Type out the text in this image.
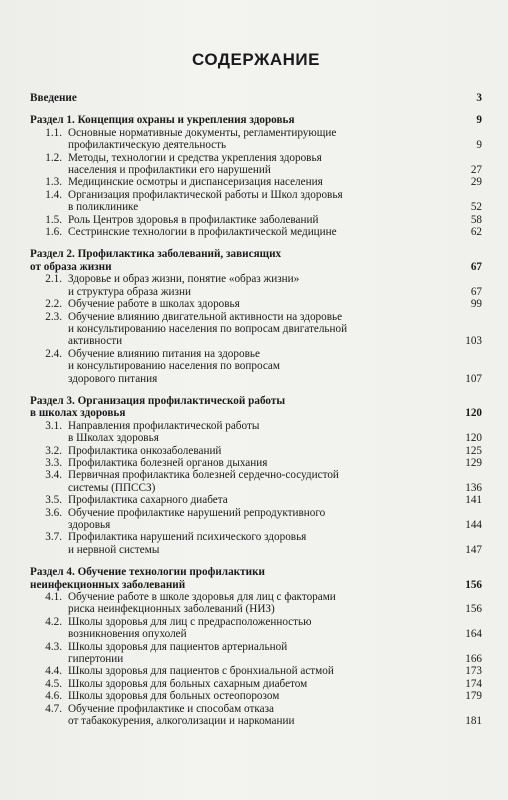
СОДЕРЖАНИЕ
Введение	3
Раздел 1. Концепция охраны и укрепления здоровья	9
1.1. Основные нормативные документы, регламентирующие
профилактическую деятельность	9
1.2. Методы, технологии и средства укрепления здоровья
населения и профилактики его нарушений	27
1.3. Медицинские осмотры и диспансеризация населения	29
1.4. Организация профилактической работы и Школ здоровья
в поликлинике	52
1.5. Роль Центров здоровья в профилактике заболеваний	58
1.6. Сестринские технологии в профилактической медицине	62
Раздел 2. Профилактика заболеваний, зависящих
от образа жизни	67
2.1. Здоровье и образ жизни, понятие «образ жизни»
и структура образа жизни	67
2.2. Обучение работе в школах здоровья	99
2.3. Обучение влиянию двигательной активности на здоровье
и консультированию населения по вопросам двигательной
активности	103
2.4. Обучение влиянию питания на здоровье
и консультированию населения по вопросам
здорового питания	107
Раздел 3. Организация профилактической работы
в школах здоровья	120
3.1. Направления профилактической работы
в Школах здоровья	120
3.2. Профилактика онкозаболеваний	125
3.3. Профилактика болезней органов дыхания	129
3.4. Первичная профилактика болезней сердечно-сосудистой
системы (ППССЗ)	136
3.5. Профилактика сахарного диабета	141
3.6. Обучение профилактике нарушений репродуктивного
здоровья	144
3.7. Профилактика нарушений психического здоровья
и нервной системы	147
Раздел 4. Обучение технологии профилактики
неинфекционных заболеваний	156
4.1. Обучение работе в школе здоровья для лиц с факторами
риска неинфекционных заболеваний (НИЗ)	156
4.2. Школы здоровья для лиц с предрасположенностью
возникновения опухолей	164
4.3. Школы здоровья для пациентов артериальной
гипертонии	166
4.4. Школы здоровья для пациентов с бронхиальной астмой	173
4.5. Школы здоровья для больных сахарным диабетом	174
4.6. Школы здоровья для больных остеопорозом	179
4.7. Обучение профилактике и способам отказа
от табакокурения, алкоголизации и наркомании	181
